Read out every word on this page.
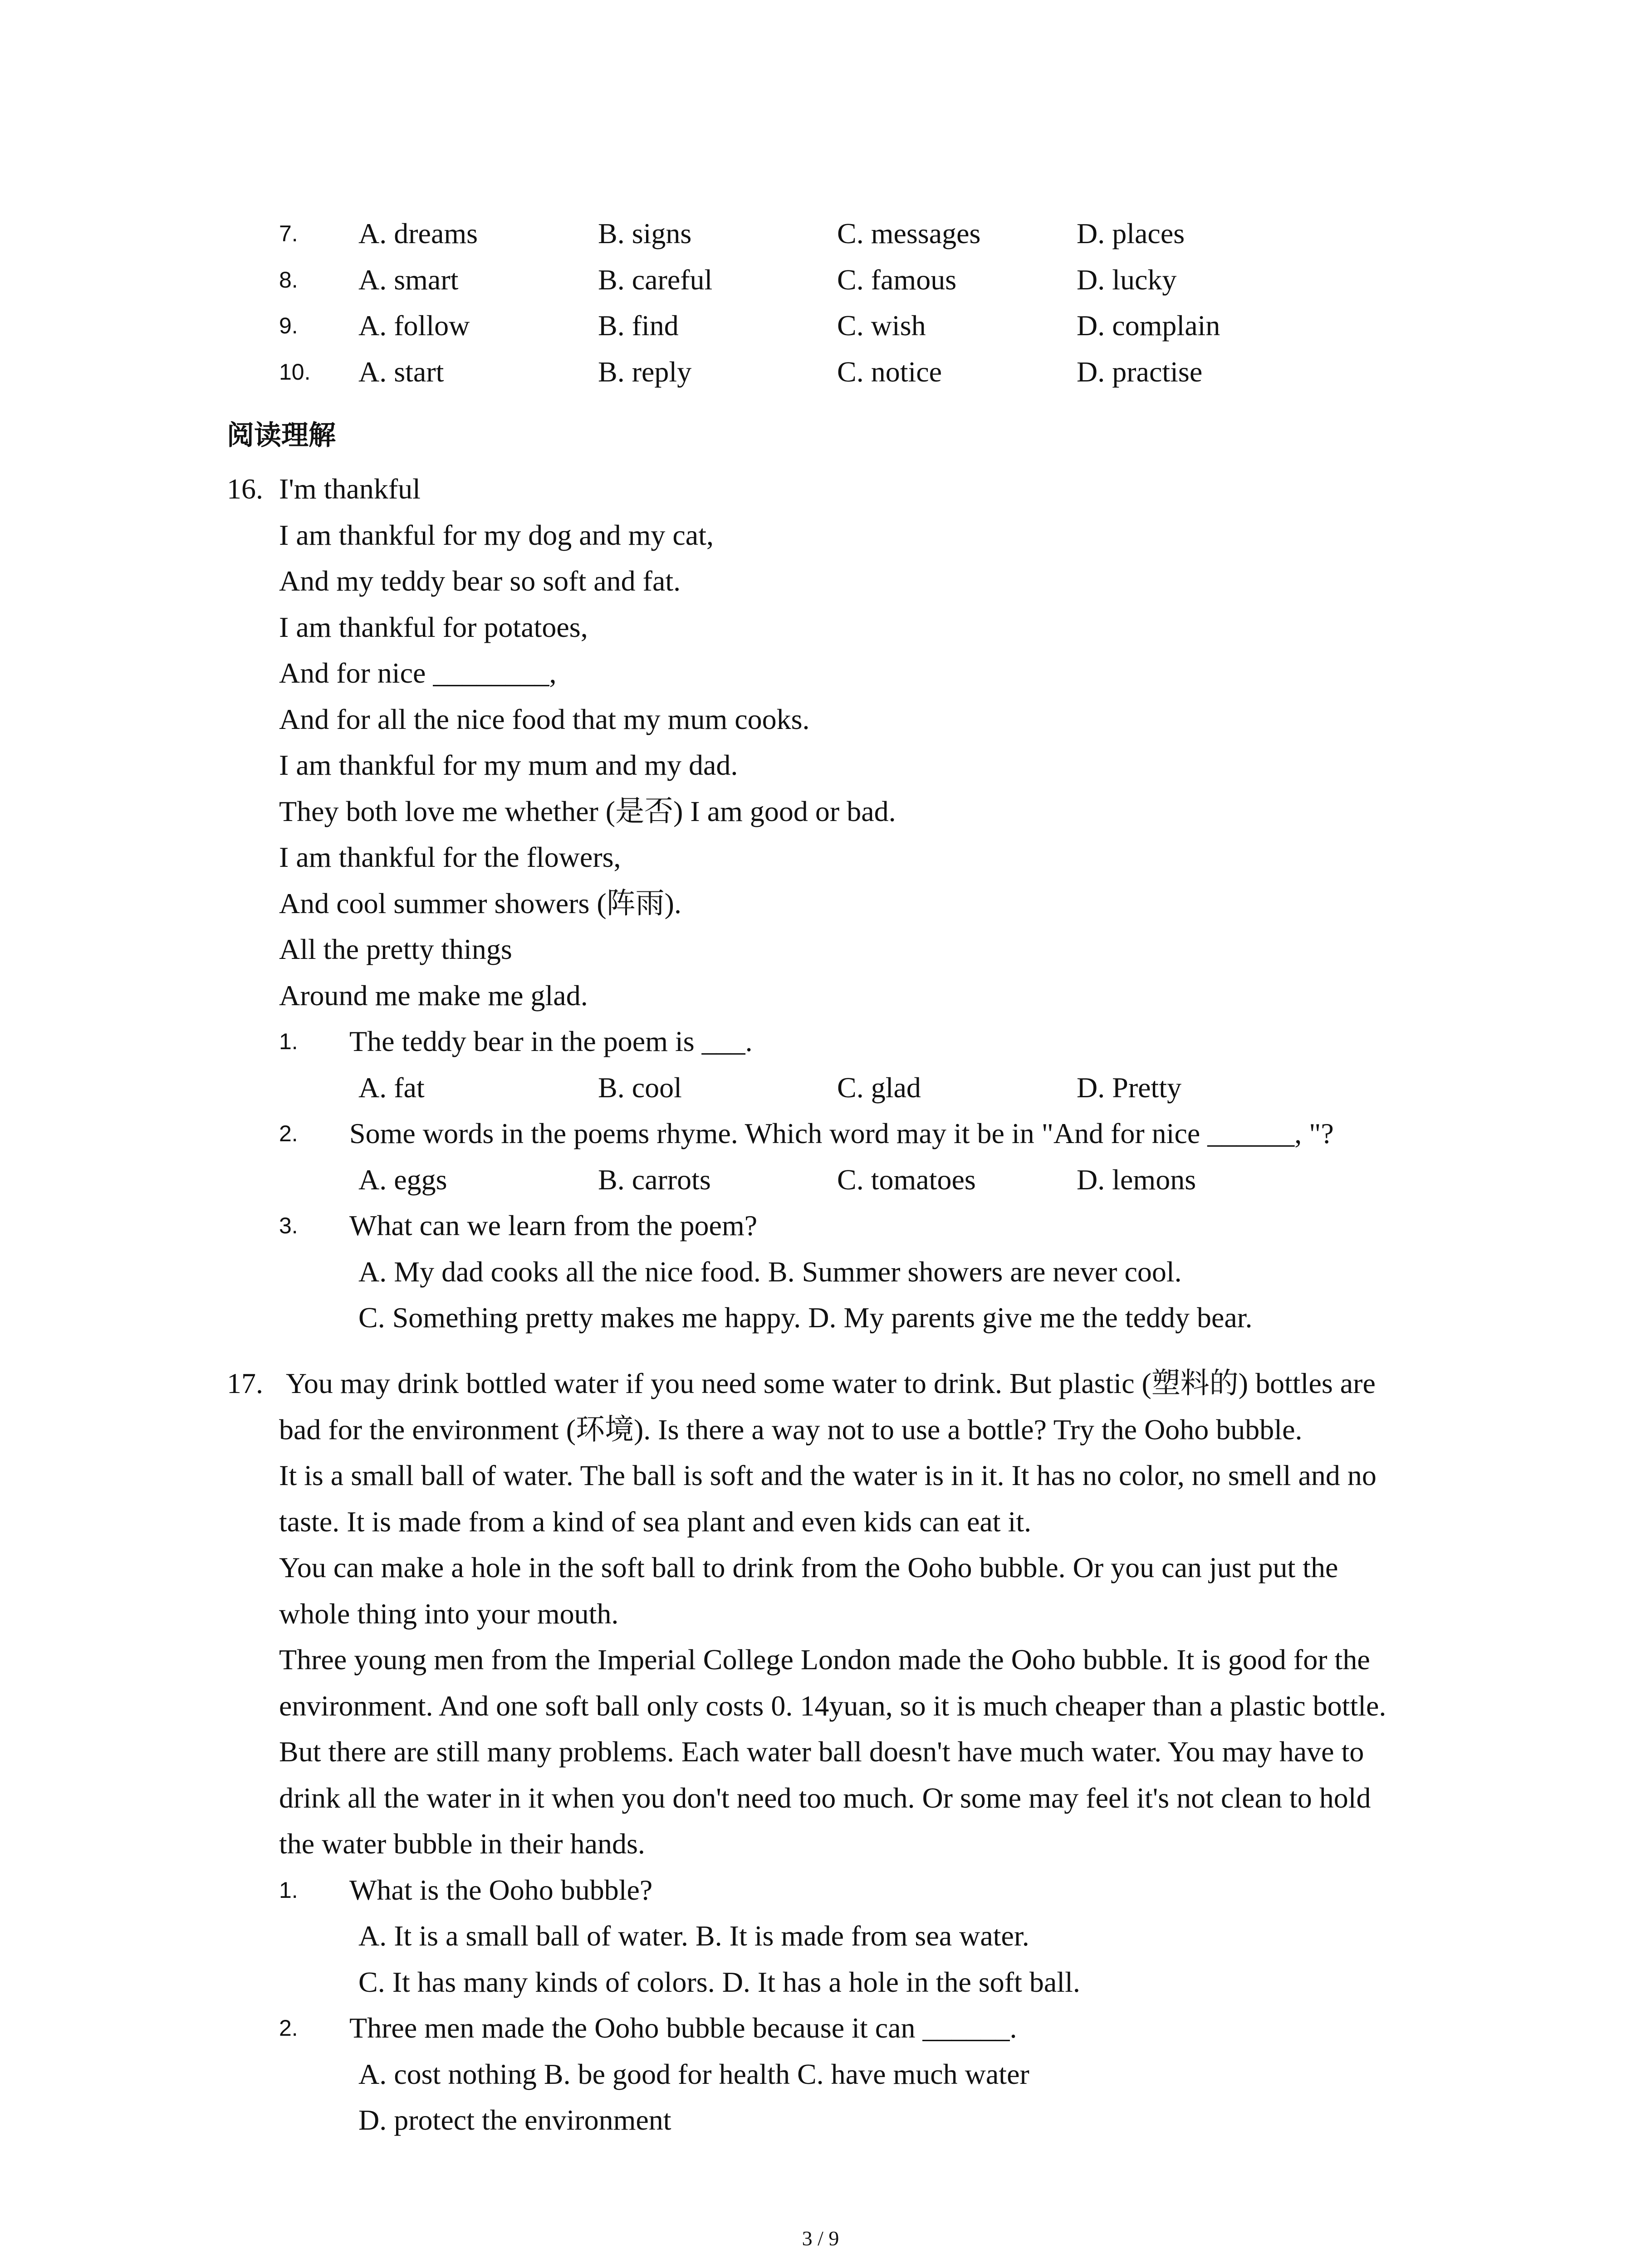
7. A. dreams	B. signs	C. messages	D. places
8. A. smart	B. careful	C. famous	D. lucky
9. A. follow	B. find	C. wish	D. complain
10. A. start	B. reply	C. notice	D. practise
阅读理解
16. I'm thankful
I am thankful for my dog and my cat,
And my teddy bear so soft and fat.
I am thankful for potatoes,
And for nice ________,
And for all the nice food that my mum cooks.
I am thankful for my mum and my dad.
They both love me whether (是否) I am good or bad.
I am thankful for the flowers,
And cool summer showers (阵雨).
All the pretty things
Around me make me glad.
1. The teddy bear in the poem is ___.
A. fat	B. cool	C. glad	D. Pretty
2. Some words in the poems rhyme. Which word may it be in "And for nice ______, "?
A. eggs	B. carrots	C. tomatoes	D. lemons
3. What can we learn from the poem?
A. My dad cooks all the nice food. B. Summer showers are never cool.
C. Something pretty makes me happy. D. My parents give me the teddy bear.
17. You may drink bottled water if you need some water to drink. But plastic (塑料的) bottles are
bad for the environment (环境). Is there a way not to use a bottle? Try the Ooho bubble.
It is a small ball of water. The ball is soft and the water is in it. It has no color, no smell and no
taste. It is made from a kind of sea plant and even kids can eat it.
You can make a hole in the soft ball to drink from the Ooho bubble. Or you can just put the
whole thing into your mouth.
Three young men from the Imperial College London made the Ooho bubble. It is good for the
environment. And one soft ball only costs 0. 14yuan, so it is much cheaper than a plastic bottle.
But there are still many problems. Each water ball doesn't have much water. You may have to
drink all the water in it when you don't need too much. Or some may feel it's not clean to hold
the water bubble in their hands.
1. What is the Ooho bubble?
A. It is a small ball of water. B. It is made from sea water.
C. It has many kinds of colors. D. It has a hole in the soft ball.
2. Three men made the Ooho bubble because it can ______.
A. cost nothing B. be good for health C. have much water
D. protect the environment
3 / 9
